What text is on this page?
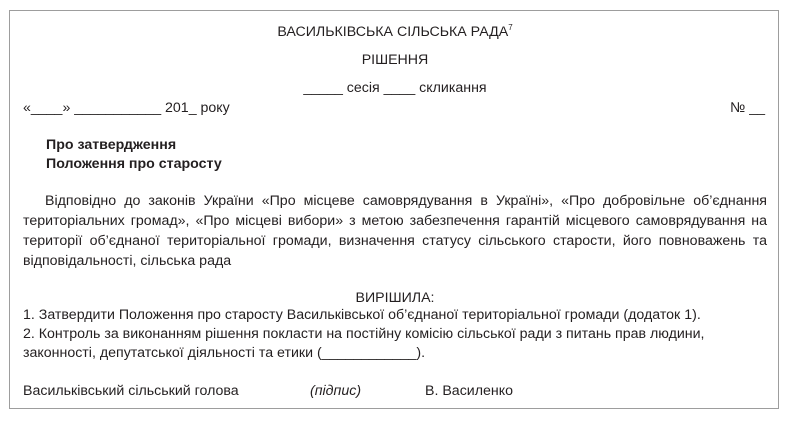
ВАСИЛЬКІВСЬКА СІЛЬСЬКА РАДА$^7$
РІШЕННЯ
_____ сесія ____ скликання
«____» ___________ 201_ року	№ __
Про затвердження
Положення про старосту
Відповідно до законів України «Про місцеве самоврядування в Україні», «Про добровільне об’єднання територіальних громад», «Про місцеві вибори» з метою забезпечення гарантій місцевого самоврядування на території об’єднаної територіальної громади, визначення статусу сільського старости, його повноважень та відповідальності, сільська рада
ВИРІШИЛА:
1. Затвердити Положення про старосту Васильківської об’єднаної територіальної громади (додаток 1).
2. Контроль за виконанням рішення покласти на постійну комісію сільської ради з питань прав людини,
законності, депутатської діяльності та етики (____________).
Васильківський сільський голова	(підпис)	В. Василенко
